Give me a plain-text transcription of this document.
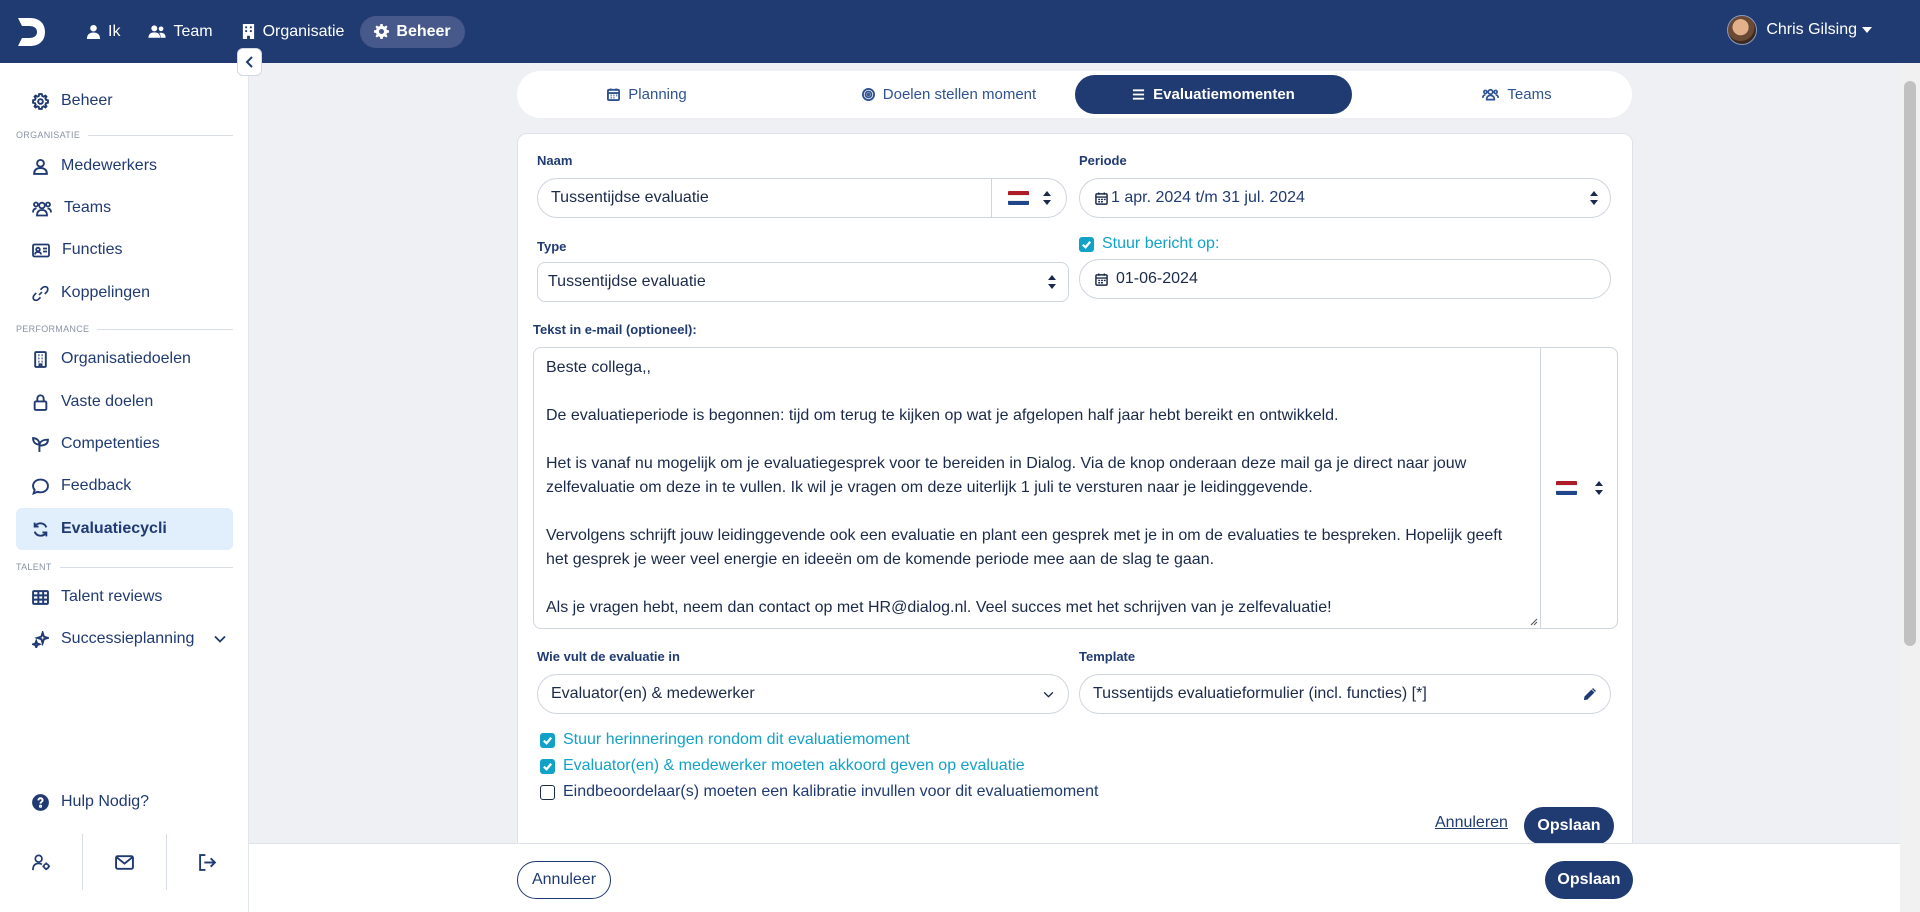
Ik	Team	Organisatie	Beheer	Chris Gilsing
Beheer
ORGANISATIE
Medewerkers
Teams
Functies
Koppelingen
PERFORMANCE
Organisatiedoelen
Vaste doelen
Competenties
Feedback
Evaluatiecycli
TALENT
Talent reviews
Successieplanning
Hulp Nodig?
Planning	Doelen stellen moment	Evaluatiemomenten	Teams
Naam
Tussentijdse evaluatie
Periode
1 apr. 2024 t/m 31 jul. 2024
Type
Tussentijdse evaluatie
Stuur bericht op:
01-06-2024
Tekst in e-mail (optioneel):

Beste collega,,

De evaluatieperiode is begonnen: tijd om terug te kijken op wat je afgelopen half jaar hebt bereikt en ontwikkeld.

Het is vanaf nu mogelijk om je evaluatiegesprek voor te bereiden in Dialog. Via de knop onderaan deze mail ga je direct naar jouw zelfevaluatie om deze in te vullen. Ik wil je vragen om deze uiterlijk 1 juli te versturen naar je leidinggevende.

Vervolgens schrijft jouw leidinggevende ook een evaluatie en plant een gesprek met je in om de evaluaties te bespreken. Hopelijk geeft het gesprek je weer veel energie en ideeën om de komende periode mee aan de slag te gaan.

Als je vragen hebt, neem dan contact op met HR@dialog.nl. Veel succes met het schrijven van je zelfevaluatie!

Wie vult de evaluatie in
Evaluator(en) & medewerker
Template
Tussentijds evaluatieformulier (incl. functies) [*]
Stuur herinneringen rondom dit evaluatiemoment
Evaluator(en) & medewerker moeten akkoord geven op evaluatie
Eindbeoordelaar(s) moeten een kalibratie invullen voor dit evaluatiemoment
Annuleren	Opslaan
Annuleer	Opslaan
